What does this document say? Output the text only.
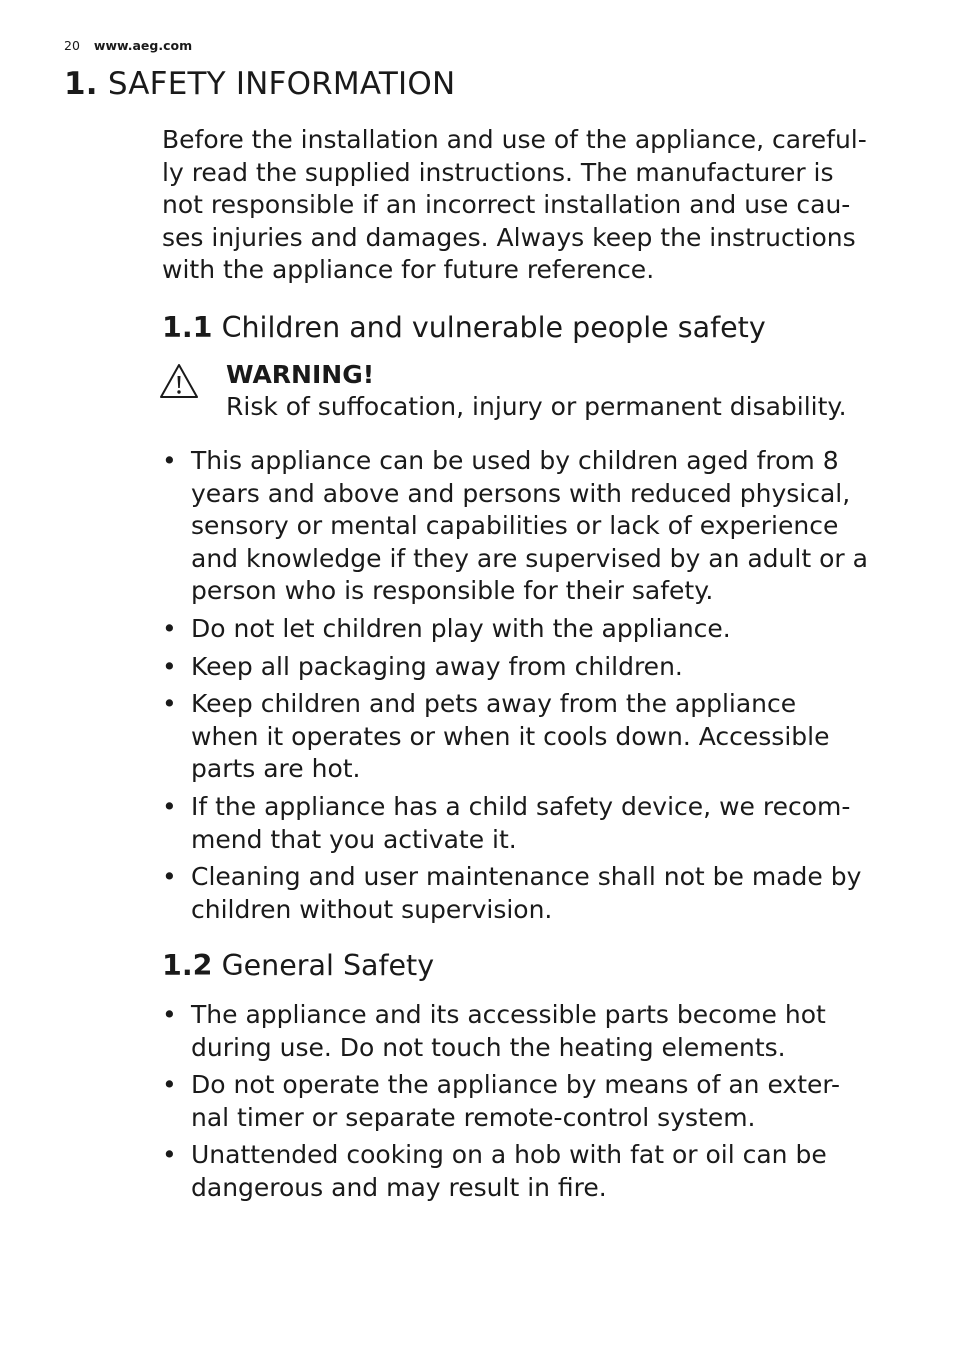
20 www.aeg.com
1. SAFETY INFORMATION

Before the installation and use of the appliance, careful-
ly read the supplied instructions. The manufacturer is
not responsible if an incorrect installation and use cau-
ses injuries and damages. Always keep the instructions
with the appliance for future reference.

1.1 Children and vulnerable people safety
WARNING!
Risk of suffocation, injury or permanent disability.
• This appliance can be used by children aged from 8
years and above and persons with reduced physical,
sensory or mental capabilities or lack of experience
and knowledge if they are supervised by an adult or a
person who is responsible for their safety.
• Do not let children play with the appliance.
• Keep all packaging away from children.
• Keep children and pets away from the appliance
when it operates or when it cools down. Accessible
parts are hot.
• If the appliance has a child safety device, we recom-
mend that you activate it.
• Cleaning and user maintenance shall not be made by
children without supervision.
1.2 General Safety
• The appliance and its accessible parts become hot
during use. Do not touch the heating elements.
• Do not operate the appliance by means of an exter-
nal timer or separate remote-control system.
• Unattended cooking on a hob with fat or oil can be
dangerous and may result in fire.
